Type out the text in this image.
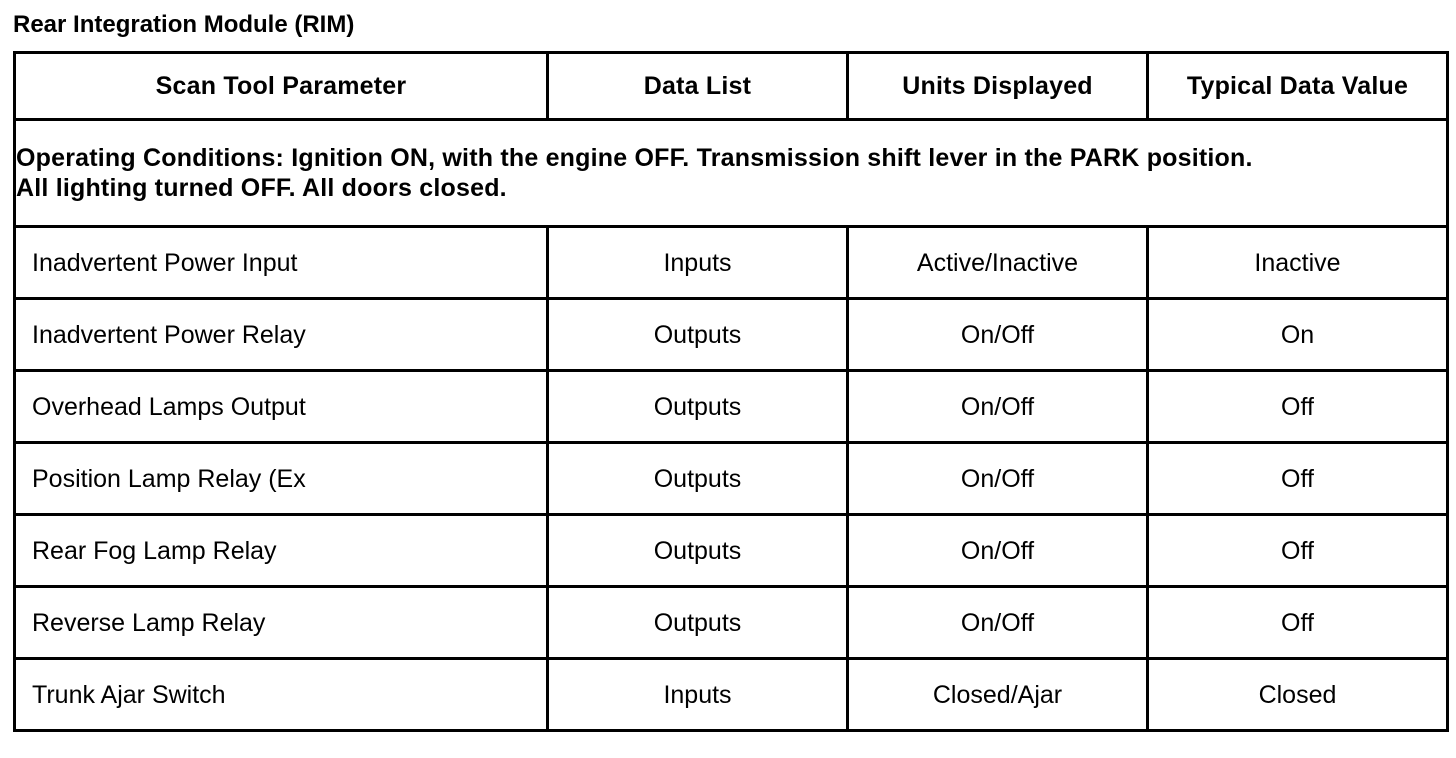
Rear Integration Module (RIM)
Scan Tool Parameter	Data List	Units Displayed	Typical Data Value

Operating Conditions: Ignition ON, with the engine OFF. Transmission shift lever in the PARK position.
All lighting turned OFF. All doors closed.			

Inadvertent Power Input	Inputs	Active/Inactive	Inactive
Inadvertent Power Relay	Outputs	On/Off	On
Overhead Lamps Output	Outputs	On/Off	Off
Position Lamp Relay (Ex	Outputs	On/Off	Off
Rear Fog Lamp Relay	Outputs	On/Off	Off
Reverse Lamp Relay	Outputs	On/Off	Off
Trunk Ajar Switch	Inputs	Closed/Ajar	Closed
